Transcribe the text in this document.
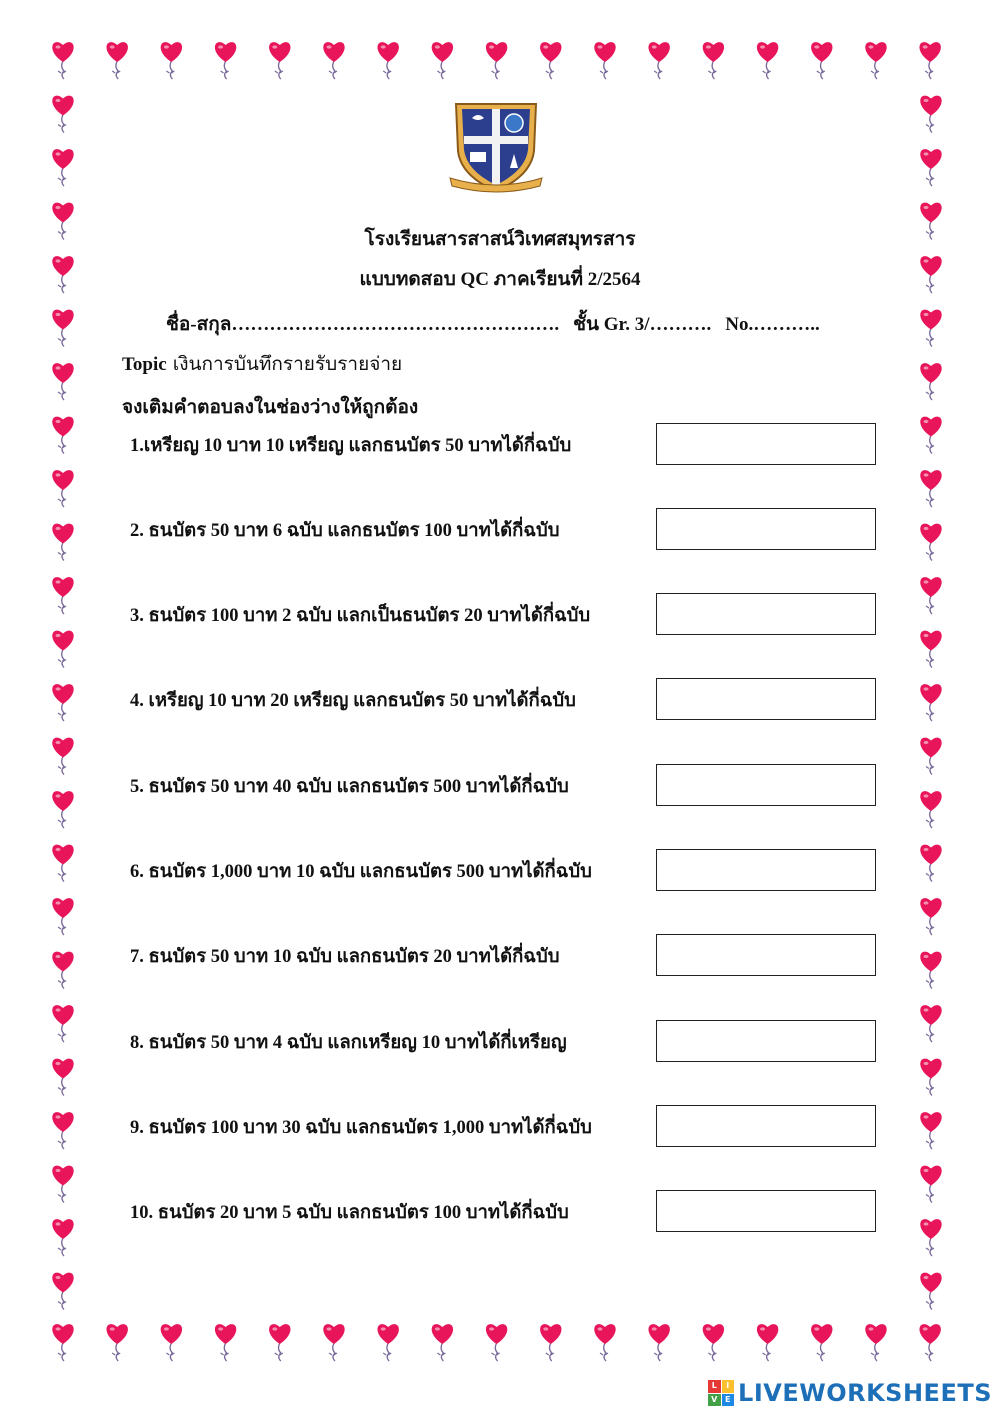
โรงเรียนสารสาสน์วิเทศสมุทรสาร
แบบทดสอบ QC ภาคเรียนที่ 2/2564
ชื่อ-สกุล……………………………………………. ชั้น Gr. 3/………. No.………..
Topic เงินการบันทึกรายรับรายจ่าย
จงเติมคำตอบลงในช่องว่างให้ถูกต้อง
1.เหรียญ 10 บาท 10 เหรียญ แลกธนบัตร 50 บาทได้กี่ฉบับ
2. ธนบัตร 50 บาท 6 ฉบับ แลกธนบัตร 100 บาทได้กี่ฉบับ
3. ธนบัตร 100 บาท 2 ฉบับ แลกเป็นธนบัตร 20 บาทได้กี่ฉบับ
4. เหรียญ 10 บาท 20 เหรียญ แลกธนบัตร 50 บาทได้กี่ฉบับ
5. ธนบัตร 50 บาท 40 ฉบับ แลกธนบัตร 500 บาทได้กี่ฉบับ
6. ธนบัตร 1,000 บาท 10 ฉบับ แลกธนบัตร 500 บาทได้กี่ฉบับ
7. ธนบัตร 50 บาท 10 ฉบับ แลกธนบัตร 20 บาทได้กี่ฉบับ
8. ธนบัตร 50 บาท 4 ฉบับ แลกเหรียญ 10 บาทได้กี่เหรียญ
9. ธนบัตร 100 บาท 30 ฉบับ แลกธนบัตร 1,000 บาทได้กี่ฉบับ
10. ธนบัตร 20 บาท 5 ฉบับ แลกธนบัตร 100 บาทได้กี่ฉบับ
L	I
V E LIVEWORKSHEETS
